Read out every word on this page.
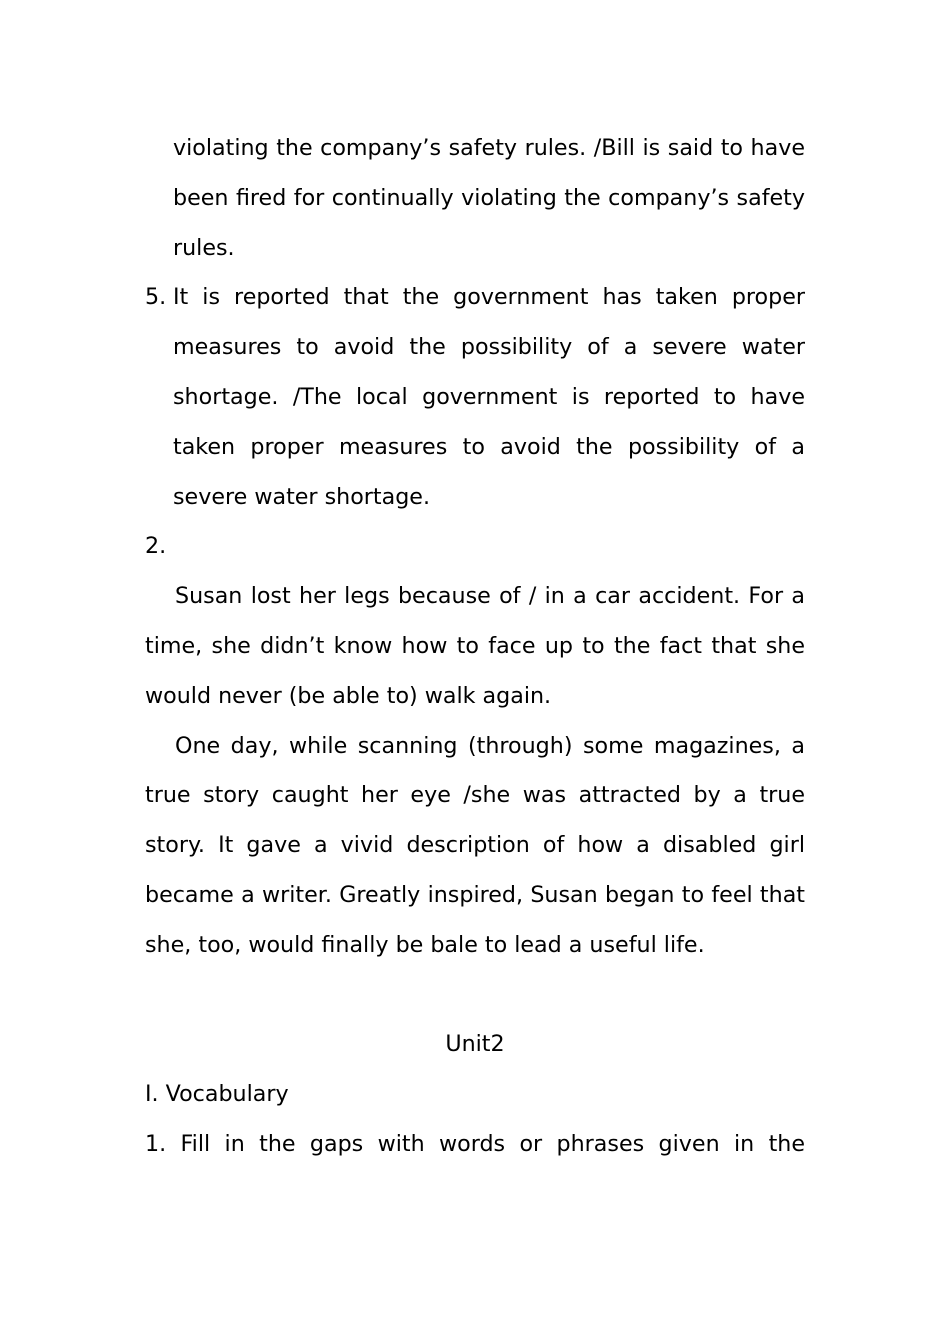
violating the company’s safety rules. /Bill is said to have been fired for continually violating the company’s safety rules.
5. It is reported that the government has taken proper measures to avoid the possibility of a severe water shortage. /The local government is reported to have taken proper measures to avoid the possibility of a severe water shortage.
2.
Susan lost her legs because of / in a car accident. For a time, she didn’t know how to face up to the fact that she would never (be able to) walk again.
One day, while scanning (through) some magazines, a true story caught her eye /she was attracted by a true story. It gave a vivid description of how a disabled girl became a writer. Greatly inspired, Susan began to feel that she, too, would finally be bale to lead a useful life.
Unit2
I. Vocabulary
1. Fill in the gaps with words or phrases given in the
